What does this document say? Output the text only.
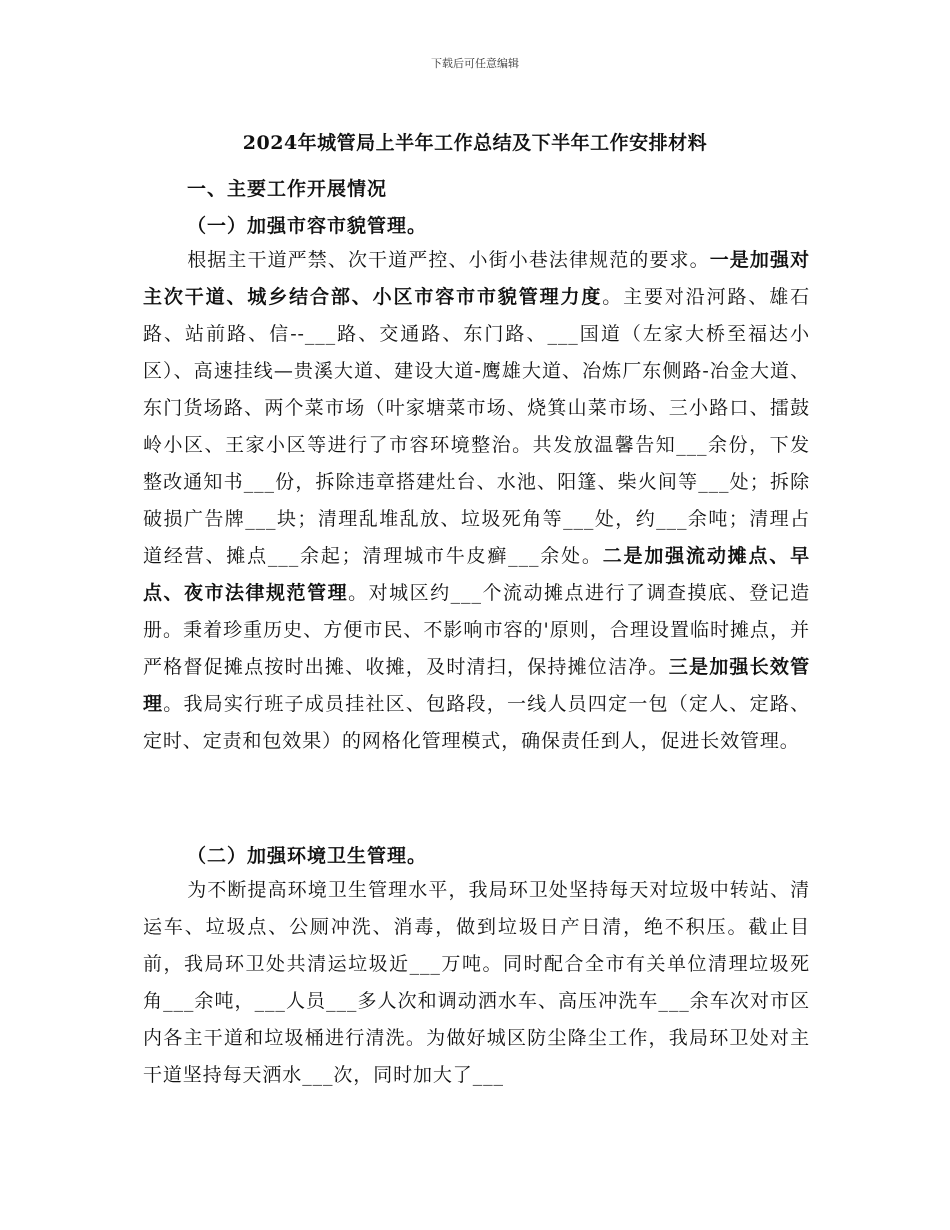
下载后可任意编辑
2024年城管局上半年工作总结及下半年工作安排材料
一、主要工作开展情况
（一）加强市容市貌管理。
根据主干道严禁、次干道严控、小街小巷法律规范的要求。一是加强对主次干道、城乡结合部、小区市容市市貌管理力度。主要对沿河路、雄石路、站前路、信--___路、交通路、东门路、___国道（左家大桥至福达小区）、高速挂线—贵溪大道、建设大道-鹰雄大道、冶炼厂东侧路-冶金大道、东门货场路、两个菜市场（叶家塘菜市场、烧箕山菜市场、三小路口、擂鼓岭小区、王家小区等进行了市容环境整治。共发放温馨告知___余份，下发整改通知书___份，拆除违章搭建灶台、水池、阳篷、柴火间等___处；拆除破损广告牌___块；清理乱堆乱放、垃圾死角等___处，约___余吨；清理占道经营、摊点___余起；清理城市牛皮癣___余处。二是加强流动摊点、早点、夜市法律规范管理。对城区约___个流动摊点进行了调查摸底、登记造册。秉着珍重历史、方便市民、不影响市容的'原则，合理设置临时摊点，并严格督促摊点按时出摊、收摊，及时清扫，保持摊位洁净。三是加强长效管理。我局实行班子成员挂社区、包路段，一线人员四定一包（定人、定路、定时、定责和包效果）的网格化管理模式，确保责任到人，促进长效管理。
（二）加强环境卫生管理。
为不断提高环境卫生管理水平，我局环卫处坚持每天对垃圾中转站、清运车、垃圾点、公厕冲洗、消毒，做到垃圾日产日清，绝不积压。截止目前，我局环卫处共清运垃圾近___万吨。同时配合全市有关单位清理垃圾死角___余吨，___人员___多人次和调动洒水车、高压冲洗车___余车次对市区内各主干道和垃圾桶进行清洗。为做好城区防尘降尘工作，我局环卫处对主干道坚持每天洒水___次，同时加大了___
